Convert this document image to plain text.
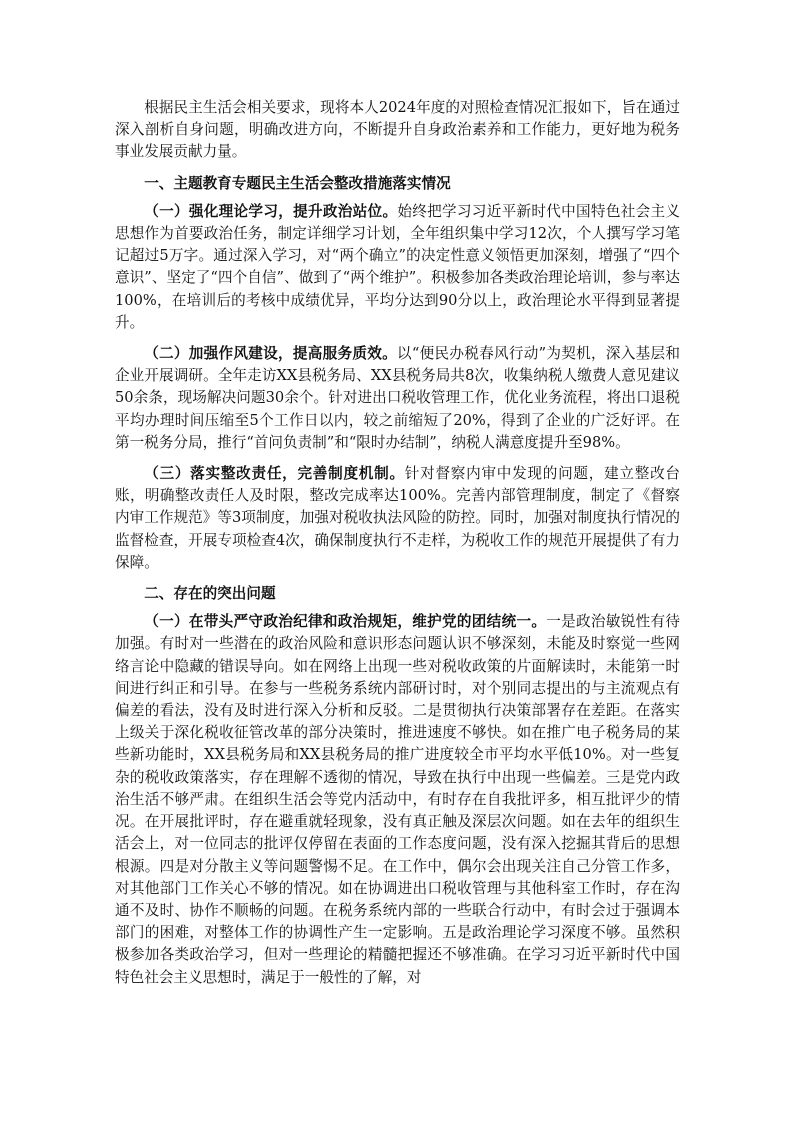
根据民主生活会相关要求，现将本人2024年度的对照检查情况汇报如下，旨在通过深入剖析自身问题，明确改进方向，不断提升自身政治素养和工作能力，更好地为税务事业发展贡献力量。

一、主题教育专题民主生活会整改措施落实情况

（一）强化理论学习，提升政治站位。始终把学习习近平新时代中国特色社会主义思想作为首要政治任务，制定详细学习计划，全年组织集中学习12次，个人撰写学习笔记超过5万字。通过深入学习，对“两个确立”的决定性意义领悟更加深刻，增强了“四个意识”、坚定了“四个自信”、做到了“两个维护”。积极参加各类政治理论培训，参与率达100%，在培训后的考核中成绩优异，平均分达到90分以上，政治理论水平得到显著提升。

（二）加强作风建设，提高服务质效。以“便民办税春风行动”为契机，深入基层和企业开展调研。全年走访XX县税务局、XX县税务局共8次，收集纳税人缴费人意见建议50余条，现场解决问题30余个。针对进出口税收管理工作，优化业务流程，将出口退税平均办理时间压缩至5个工作日以内，较之前缩短了20%，得到了企业的广泛好评。在第一税务分局，推行“首问负责制”和“限时办结制”，纳税人满意度提升至98%。

（三）落实整改责任，完善制度机制。针对督察内审中发现的问题，建立整改台账，明确整改责任人及时限，整改完成率达100%。完善内部管理制度，制定了《督察内审工作规范》等3项制度，加强对税收执法风险的防控。同时，加强对制度执行情况的监督检查，开展专项检查4次，确保制度执行不走样，为税收工作的规范开展提供了有力保障。

二、存在的突出问题

（一）在带头严守政治纪律和政治规矩，维护党的团结统一。一是政治敏锐性有待加强。有时对一些潜在的政治风险和意识形态问题认识不够深刻，未能及时察觉一些网络言论中隐藏的错误导向。如在网络上出现一些对税收政策的片面解读时，未能第一时间进行纠正和引导。在参与一些税务系统内部研讨时，对个别同志提出的与主流观点有偏差的看法，没有及时进行深入分析和反驳。二是贯彻执行决策部署存在差距。在落实上级关于深化税收征管改革的部分决策时，推进速度不够快。如在推广电子税务局的某些新功能时，XX县税务局和XX县税务局的推广进度较全市平均水平低10%。对一些复杂的税收政策落实，存在理解不透彻的情况，导致在执行中出现一些偏差。三是党内政治生活不够严肃。在组织生活会等党内活动中，有时存在自我批评多，相互批评少的情况。在开展批评时，存在避重就轻现象，没有真正触及深层次问题。如在去年的组织生活会上，对一位同志的批评仅停留在表面的工作态度问题，没有深入挖掘其背后的思想根源。四是对分散主义等问题警惕不足。在工作中，偶尔会出现关注自己分管工作多，对其他部门工作关心不够的情况。如在协调进出口税收管理与其他科室工作时，存在沟通不及时、协作不顺畅的问题。在税务系统内部的一些联合行动中，有时会过于强调本部门的困难，对整体工作的协调性产生一定影响。五是政治理论学习深度不够。虽然积极参加各类政治学习，但对一些理论的精髓把握还不够准确。在学习习近平新时代中国特色社会主义思想时，满足于一般性的了解，对
